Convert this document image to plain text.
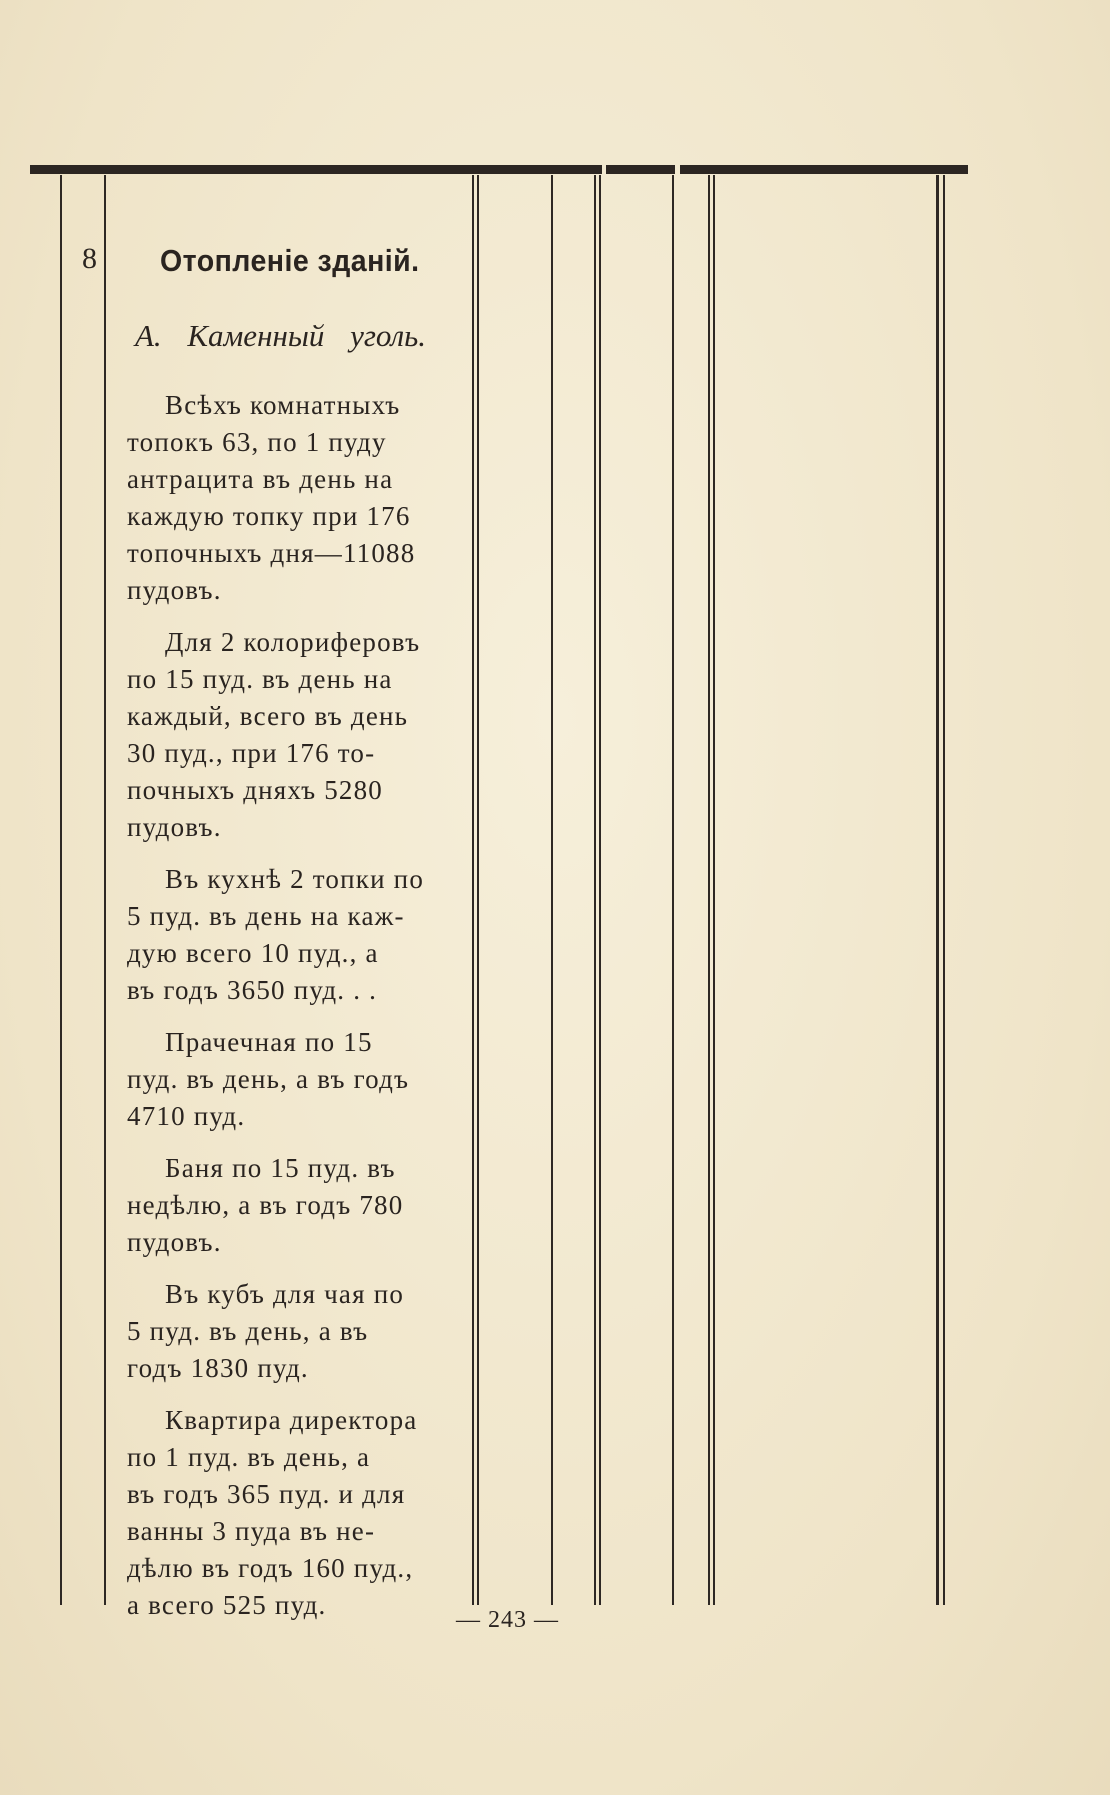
8 Отопленіе зданій.
А. Каменный уголь.

Всѣхъ комнатныхъ
топокъ 63, по 1 пуду
антрацита въ день на
каждую топку при 176
топочныхъ дня—11088
пудовъ.

Для 2 колориферовъ
по 15 пуд. въ день на
каждый, всего въ день
30 пуд., при 176 то-
почныхъ дняхъ 5280
пудовъ.

Въ кухнѣ 2 топки по
5 пуд. въ день на каж-
дую всего 10 пуд., а
въ годъ 3650 пуд. . .

Прачечная по 15
пуд. въ день, а въ годъ
4710 пуд.

Баня по 15 пуд. въ
недѣлю, а въ годъ 780
пудовъ.

Въ кубъ для чая по
5 пуд. въ день, а въ
годъ 1830 пуд.

Квартира директора
по 1 пуд. въ день, а
въ годъ 365 пуд. и для
ванны 3 пуда въ не-
дѣлю въ годъ 160 пуд.,
а всего 525 пуд.	— 243 —
